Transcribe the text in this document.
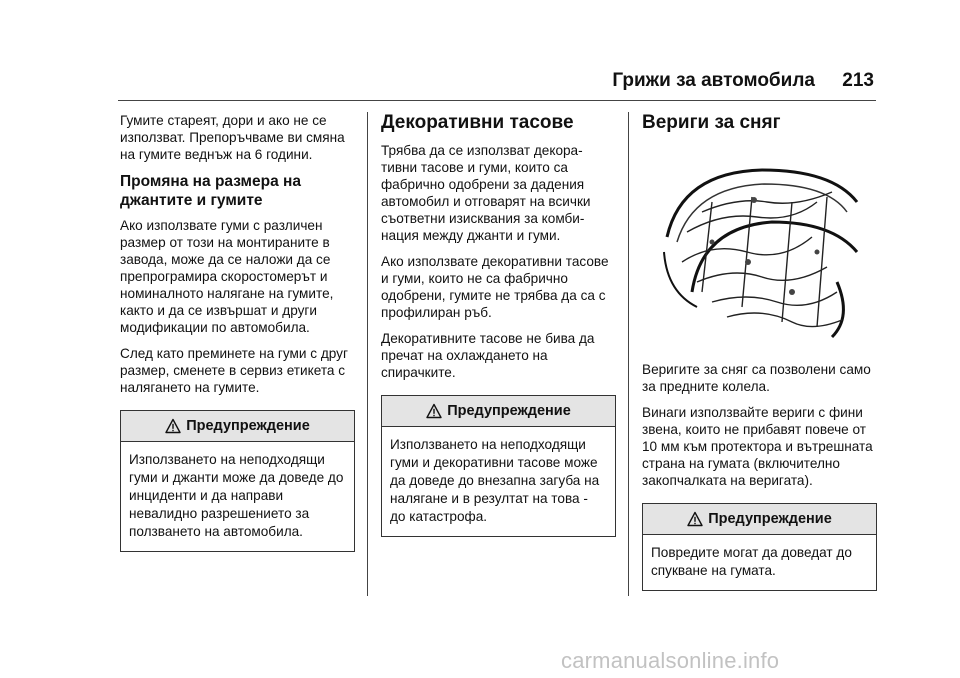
Грижи за автомобила 213

Гумите стареят, дори и ако не се използват. Препоръчваме ви смяна на гумите веднъж на 6 години.

Промяна на размера на джантите и гумите

Ако използвате гуми с различен размер от този на монтираните в завода, може да се наложи да се препрограмира скоростомерът и номиналното налягане на гумите, както и да се извършат и други модификации по автомобила.

След като преминете на гуми с друг размер, сменете в сервиз етикета с налягането на гумите.

Предупреждение
Използването на неподходящи гуми и джанти може да доведе до инциденти и да направи невалидно разрешението за ползването на автомобила.
Декоративни тасове

Трябва да се използват декора-тивни тасове и гуми, които са фабрично одобрени за дадения автомобил и отговарят на всички съответни изисквания за комби-нация между джанти и гуми.

Ако използвате декоративни тасове и гуми, които не са фабрично одобрени, гумите не трябва да са с профилиран ръб.

Декоративните тасове не бива да пречат на охлаждането на спирачките.

Предупреждение
Използването на неподходящи гуми и декоративни тасове може да доведе до внезапна загуба на налягане и в резултат на това - до катастрофа.
Вериги за сняг

Веригите за сняг са позволени само за предните колела.

Винаги използвайте вериги с фини звена, които не прибавят повече от 10 мм към протектора и вътрешната страна на гумата (включително закопчалката на веригата).

Предупреждение
Повредите могат да доведат до спукване на гумата.
carmanualsonline.info
